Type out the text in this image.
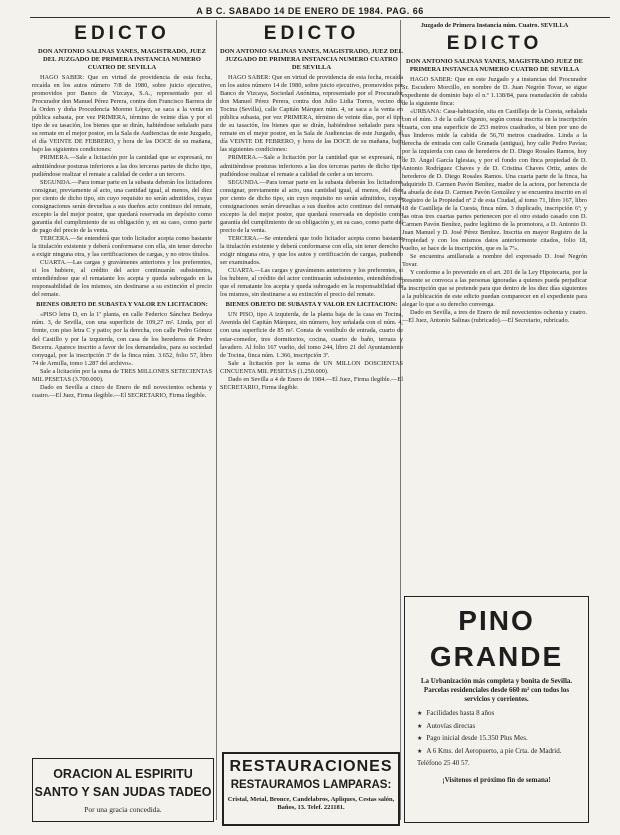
A B C. SABADO 14 DE ENERO DE 1984. PAG. 66
EDICTO
DON ANTONIO SALINAS YANES, MAGISTRADO, JUEZ DEL JUZGADO DE PRIMERA INSTANCIA NUMERO CUATRO DE SEVILLA

HAGO SABER: Que en virtud de providencia de esta fecha, recaída en los autos número 7/8 de 1980, sobre juicio ejecutivo, promovidos por Banco de Vizcaya, S.A., representado por el Procurador don Manuel Pérez Perera, contra don Francisco Barrera de la Orden y doña Procedencia Moreno López, se saca a la venta en pública subasta, por vez PRIMERA, término de veinte días y por el tipo de su tasación, los bienes que se dirán, habiéndose señalado para su remate en el mejor postor, en la Sala de Audiencias de este Juzgado, el día VEINTE DE FEBRERO, y hora de las DOCE de su mañana, bajo las siguientes condiciones:

PRIMERA.—Sale a licitación por la cantidad que se expresará, no admitiéndose posturas inferiores a las dos terceras partes de dicho tipo, pudiéndose realizar el remate a calidad de ceder a un tercero.

SEGUNDA.—Para tomar parte en la subasta deberán los licitadores consignar, previamente al acto, una cantidad igual, al menos, del diez por ciento de dicho tipo, sin cuyo requisito no serán admitidos, cuyas consignaciones serán devueltas a sus dueños acto continuo del remate, excepto la del mejor postor, que quedará reservada en depósito como garantía del cumplimiento de su obligación y, en su caso, como parte de pago del precio de la venta.

TERCERA.—Se entenderá que todo licitador acepta como bastante la titulación existente y deberá conformarse con ella, sin tener derecho a exigir ninguna otra, y las certificaciones de cargas, y no otros títulos.

CUARTA.—Las cargas y gravámenes anteriores y los preferentes, si los hubiere, al crédito del actor continuarán subsistentes, entendiéndose que el rematante los acepta y queda subrogado en la responsabilidad de los mismos, sin destinarse a su extinción el precio del remate.

BIENES OBJETO DE SUBASTA Y VALOR EN LICITACION:

«PISO letra D, en la 1ª planta, en calle Federico Sánchez Bedoya núm. 3, de Sevilla, con una superficie de 109,27 m². Linda, por el frente, con piso letra C y patio; por la derecha, con calle Pedro Gómez del Castillo y por la izquierda, con casa de los herederos de Pedro Becerra. Aparece inscrito a favor de los demandados, para su sociedad conyugal, por la inscripción 3ª de la finca núm. 3.652, folio 57, libro 74 de Armilla, tomo 1.287 del archivo».

Sale a licitación por la suma de TRES MILLONES SETECIENTAS MIL PESETAS (3.700.000).

Dado en Sevilla a cinco de Enero de mil novecientos ochenta y cuatro.—El Juez, Firma ilegible.—El SECRETARIO, Firma ilegible.

EDICTO
DON ANTONIO SALINAS YANES, MAGISTRADO, JUEZ DEL JUZGADO DE PRIMERA INSTANCIA NUMERO CUATRO DE SEVILLA

HAGO SABER: Que en virtud de providencia de esta fecha, recaída en los autos número 14 de 1980, sobre juicio ejecutivo, promovidos por Banco de Vizcaya, Sociedad Anónima, representado por el Procurador don Manuel Pérez Perera, contra don Julio Lidia Torres, vecino de Tocina (Sevilla), calle Capitán Márquez núm. 4, se saca a la venta en pública subasta, por vez PRIMERA, término de veinte días, por el tipo de su tasación, los bienes que se dirán, habiéndose señalado para su remate en el mejor postor, en la Sala de Audiencias de este Juzgado, el día VEINTE DE FEBRERO, y hora de las DOCE de su mañana, bajo las siguientes condiciones:

PRIMERA.—Sale a licitación por la cantidad que se expresará, no admitiéndose posturas inferiores a las dos terceras partes de dicho tipo, pudiéndose realizar el remate a calidad de ceder a un tercero.

SEGUNDA.—Para tomar parte en la subasta deberán los licitadores consignar, previamente al acto, una cantidad igual, al menos, del diez por ciento de dicho tipo, sin cuyo requisito no serán admitidos, cuyas consignaciones serán devueltas a sus dueños acto continuo del remate, excepto la del mejor postor, que quedará reservada en depósito como garantía del cumplimiento de su obligación y, en su caso, como parte del precio de la venta.

TERCERA.—Se entenderá que todo licitador acepta como bastante la titulación existente y deberá conformarse con ella, sin tener derecho a exigir ninguna otra, y que los autos y certificación de cargas, pudiendo ser examinados.

CUARTA.—Las cargas y gravámenes anteriores y los preferentes, si los hubiere, al crédito del actor continuarán subsistentes, entendiéndose que el rematante los acepta y queda subrogado en la responsabilidad de los mismos, sin destinarse a su extinción el precio del remate.

BIENES OBJETO DE SUBASTA Y VALOR EN LICITACION:

UN PISO, tipo A izquierda, de la planta baja de la casa en Tocina, Avenida del Capitán Márquez, sin número, hoy señalada con el núm. 4, con una superficie de 85 m². Consta de vestíbulo de entrada, cuarto de estar-comedor, tres dormitorios, cocina, cuarto de baño, terraza y lavadero. Al folio 167 vuelto, del tomo 244, libro 21 del Ayuntamiento de Tocina, finca núm. 1.366, inscripción 3ª.

Sale a licitación por la suma de UN MILLON DOSCIENTAS CINCUENTA MIL PESETAS (1.250.000).

Dado en Sevilla a 4 de Enero de 1984.—El Juez, Firma ilegible.—El SECRETARIO, Firma ilegible.

Juzgado de Primera Instancia núm. Cuatro. SEVILLA
EDICTO
DON ANTONIO SALINAS YANES, MAGISTRADO JUEZ DE PRIMERA INSTANCIA NUMERO CUATRO DE SEVILLA

HAGO SABER: Que en este Juzgado y a instancias del Procurador Sr. Escudero Morcillo, en nombre de D. Juan Negrón Tovar, se sigue expediente de dominio bajo el n.º 1.138/84, para reanudación de cabida de la siguiente finca:

«URBANA: Casa-habitación, sita en Castilleja de la Cuesta, señalada con el núm. 3 de la calle Ogonio, según consta inscrita en la inscripción cuarta, con una superficie de 253 metros cuadrados, si bien por uno de sus linderos mide la cabida de 56,70 metros cuadrados. Linda a la derecha de entrada con calle Granada (antigua), hoy calle Pedro Pavías; por la izquierda con casa de herederos de D. Diego Rosales Ramos, hoy de D. Ángel García Iglesias, y por el fondo con finca propiedad de D. Antonio Rodríguez Chaves y de D. Cristina Chaves Ortiz, antes de herederos de D. Diego Rosales Ramos. Una cuarta parte de la finca, ha adquirido D. Carmen Pavón Benítez, madre de la actora, por herencia de la abuela de ésta D. Carmen Pavón González y se encuentra inscrito en el Registro de la Propiedad nº 2 de esta Ciudad, al tomo 71, libro 167, libro 18 de Castilleja de la Cuesta, finca núm. 3 duplicado, inscripción 6ª; y las otras tres cuartas partes pertenecen por el otro estado casado con D. Carmen Pavón Benítez, padre legítimo de la promotora, a D. Antonio D. Juan Manuel y D. José Pérez Benítez. Inscrita en mayor Registro de la Propiedad y con los mismos datos anteriormente citados, folio 18, vuelto, se hace de la inscripción, que es la 7ª».

Se encuentra amillarada a nombre del expresado D. José Negrón Tovar.

Y conforme a lo prevenido en el art. 201 de la Ley Hipotecaria, por la presente se convoca a las personas ignoradas a quienes pueda perjudicar la inscripción que se pretende para que dentro de los diez días siguientes a la publicación de este edicto puedan comparecer en el expediente para alegar lo que a su derecho convenga.

Dado en Sevilla, a tres de Enero de mil novecientos ochenta y cuatro.—El Juez, Antonio Salinas (rubricado).—El Secretario, rubricado.

ORACION AL ESPIRITU SANTO Y SAN JUDAS TADEO
Por una gracia concedida.
RESTAURACIONES
RESTAURAMOS LAMPARAS:
Cristal, Metal, Bronce, Candelabros, Apliques, Cestas salón, Baños, 13. Telef. 221181.
PINO GRANDE
La Urbanización más completa y bonita de Sevilla. Parcelas residenciales desde 660 m² con todos los servicios y corrientes.
★ Facilidades hasta 8 años
★ Autovías directas
★ Pago inicial desde 15.350 Plus Mes.
★ A 6 Kms. del Aeropuerto, a pie Crta. de Madrid. Teléfono 25 40 57.
¡Visítenos el próximo fin de semana!
